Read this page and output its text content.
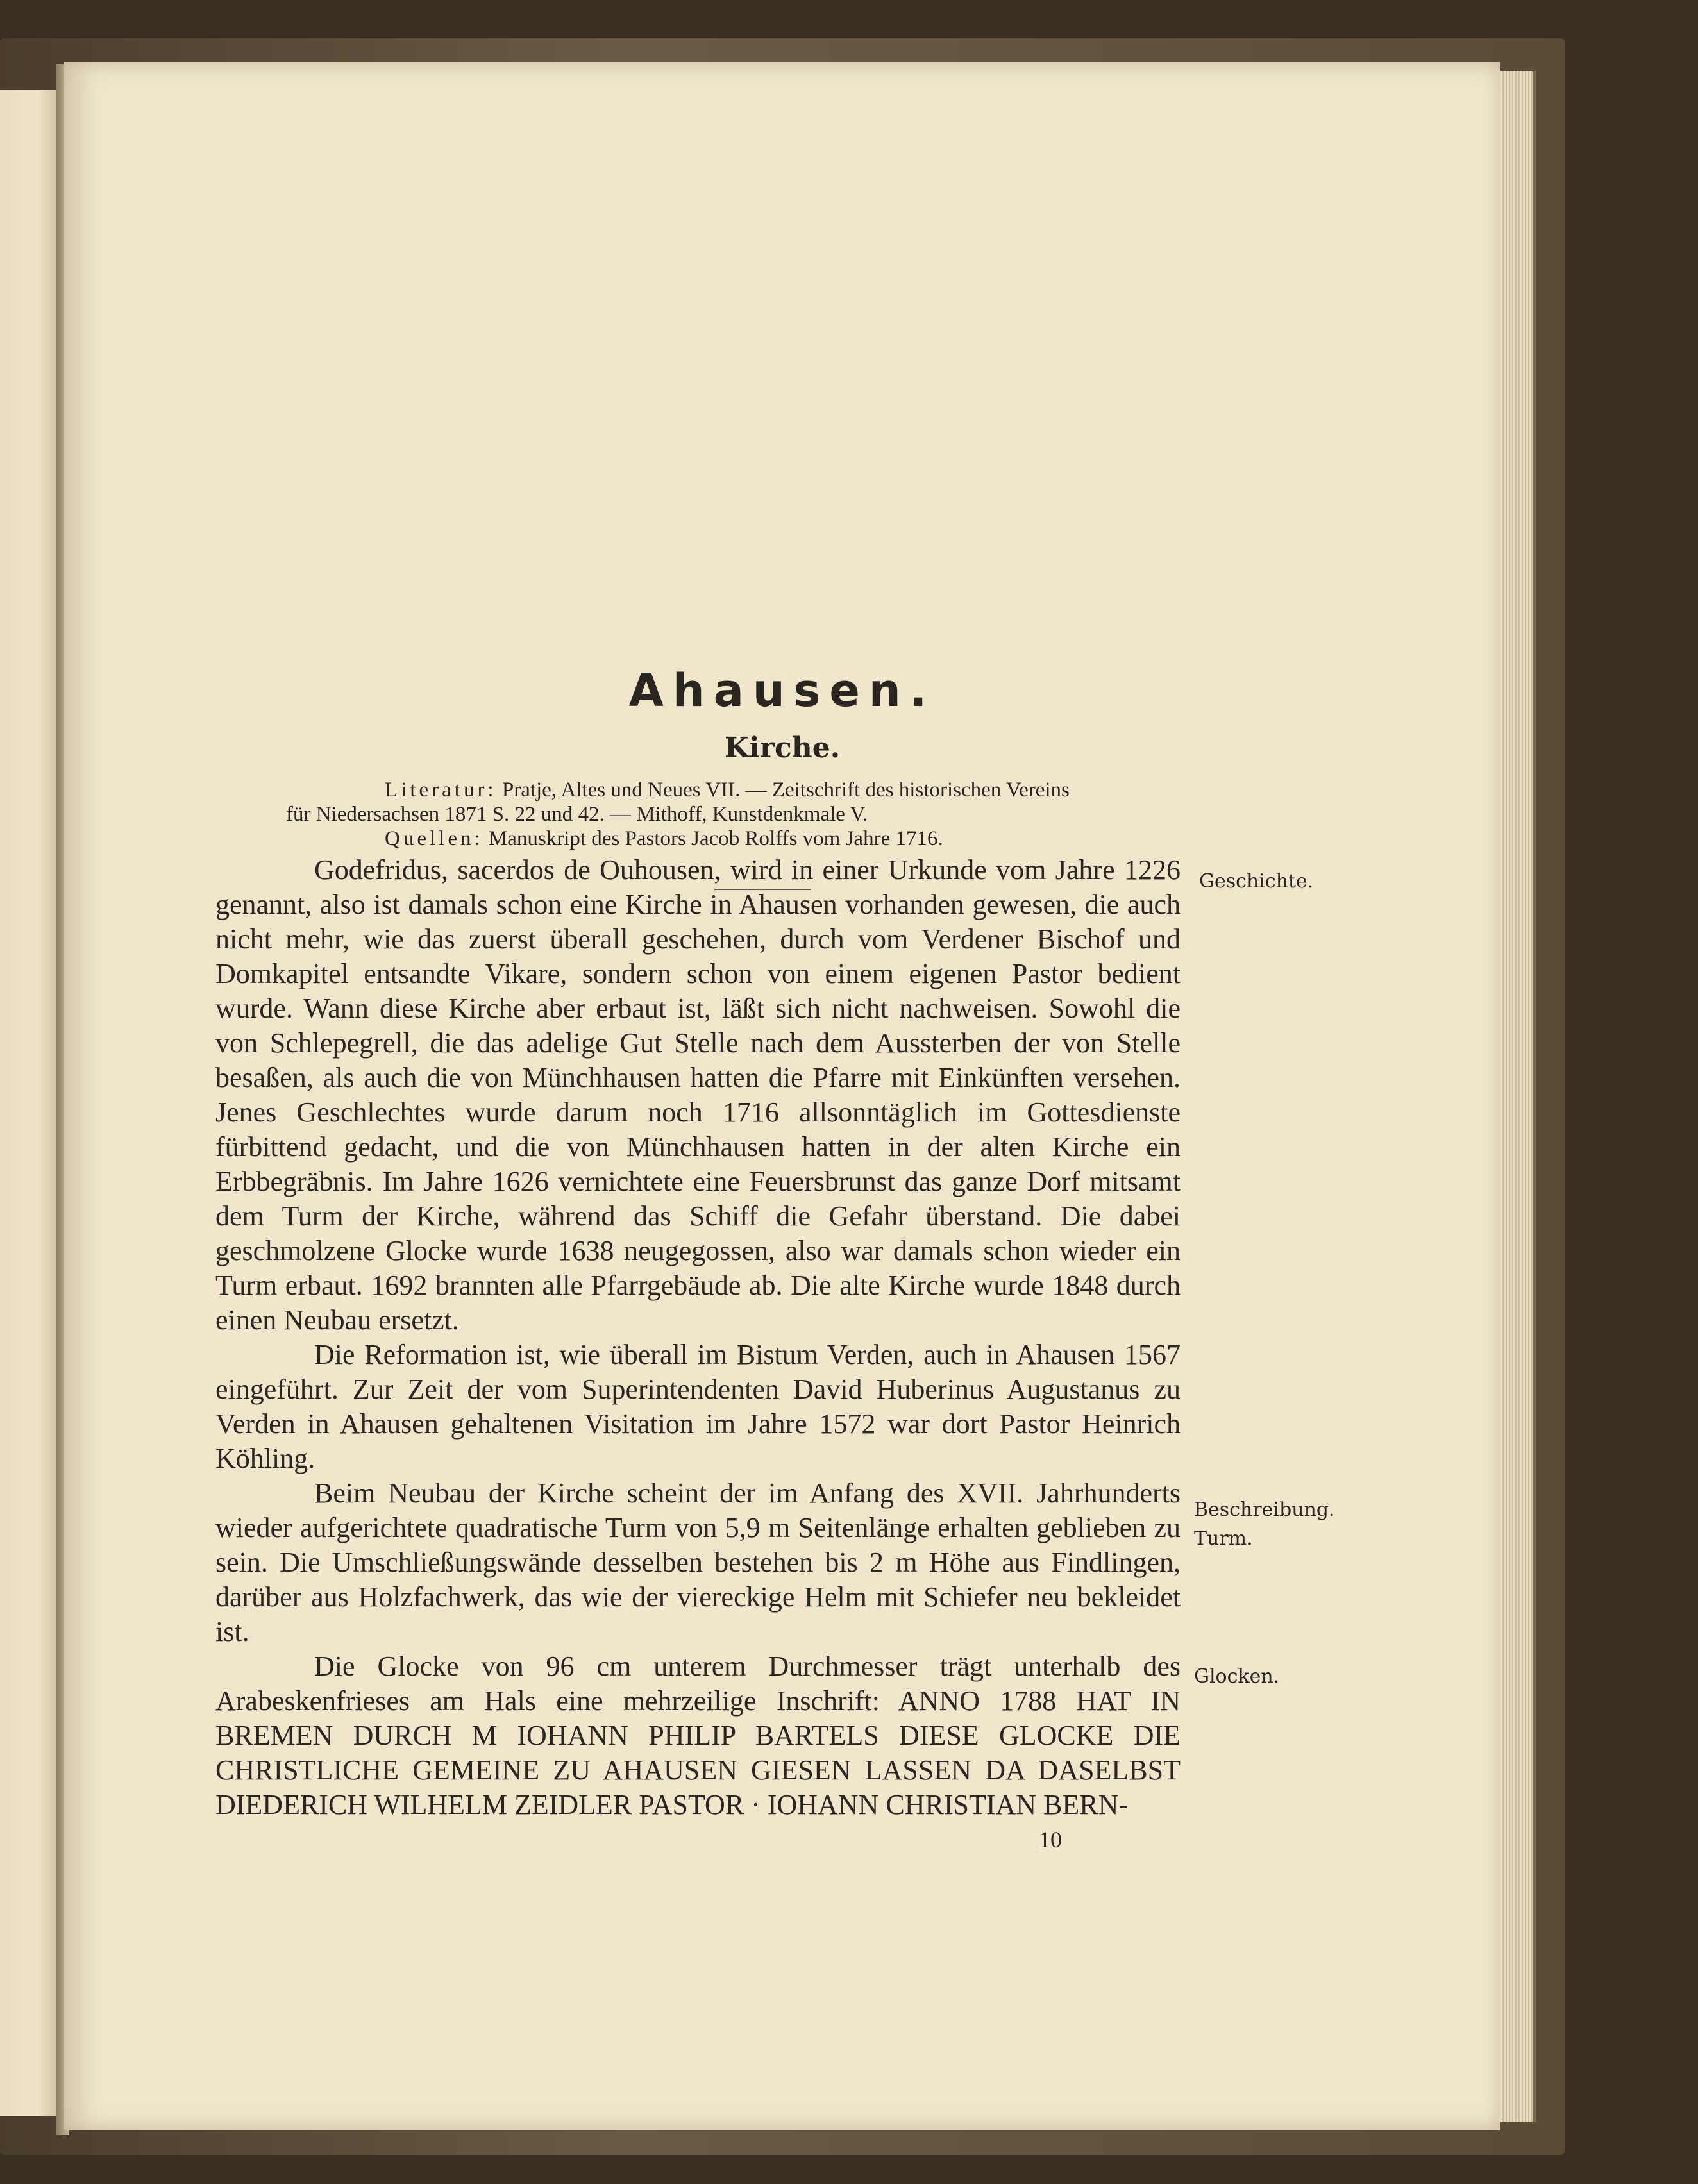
Ahausen.
Kirche.

Literatur: Pratje, Altes und Neues VII. — Zeitschrift des historischen Vereins

für Niedersachsen 1871 S. 22 und 42. — Mithoff, Kunstdenkmale V.

Quellen: Manuskript des Pastors Jacob Rolffs vom Jahre 1716.

Godefridus, sacerdos de Ouhousen, wird in einer Urkunde vom Jahre 1226 genannt, also ist damals schon eine Kirche in Ahausen vorhanden gewesen, die auch nicht mehr, wie das zuerst überall geschehen, durch vom Verdener Bischof und Domkapitel entsandte Vikare, sondern schon von einem eigenen Pastor bedient wurde. Wann diese Kirche aber erbaut ist, läßt sich nicht nachweisen. Sowohl die von Schlepegrell, die das adelige Gut Stelle nach dem Aussterben der von Stelle besaßen, als auch die von Münchhausen hatten die Pfarre mit Einkünften versehen. Jenes Geschlechtes wurde darum noch 1716 allsonntäglich im Gottesdienste fürbittend gedacht, und die von Münchhausen hatten in der alten Kirche ein Erbbegräbnis. Im Jahre 1626 vernichtete eine Feuersbrunst das ganze Dorf mitsamt dem Turm der Kirche, während das Schiff die Gefahr überstand. Die dabei geschmolzene Glocke wurde 1638 neugegossen, also war damals schon wieder ein Turm erbaut. 1692 brannten alle Pfarrgebäude ab. Die alte Kirche wurde 1848 durch einen Neubau ersetzt.

Die Reformation ist, wie überall im Bistum Verden, auch in Ahausen 1567 eingeführt. Zur Zeit der vom Superintendenten David Huberinus Augustanus zu Verden in Ahausen gehaltenen Visitation im Jahre 1572 war dort Pastor Heinrich Köhling.

Beim Neubau der Kirche scheint der im Anfang des XVII. Jahrhunderts wieder aufgerichtete quadratische Turm von 5,9 m Seitenlänge erhalten geblieben zu sein. Die Umschließungswände desselben bestehen bis 2 m Höhe aus Findlingen, darüber aus Holzfachwerk, das wie der viereckige Helm mit Schiefer neu bekleidet ist.

Die Glocke von 96 cm unterem Durchmesser trägt unterhalb des Arabeskenfrieses am Hals eine mehrzeilige Inschrift: ANNO 1788 HAT IN BREMEN DURCH M IOHANN PHILIP BARTELS DIESE GLOCKE DIE CHRISTLICHE GEMEINE ZU AHAUSEN GIESEN LASSEN DA DASELBST DIEDERICH WILHELM ZEIDLER PASTOR · IOHANN CHRISTIAN BERN-

Geschichte.
Beschreibung.
Turm.
Glocken.
10
